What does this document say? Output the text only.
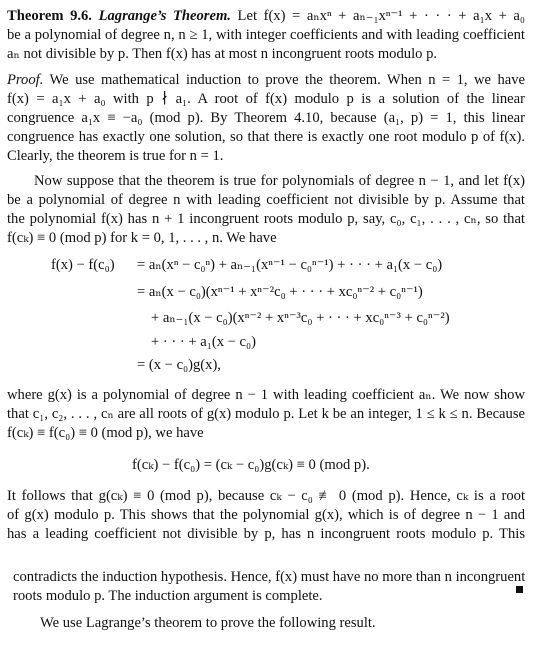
Theorem 9.6. Lagrange’s Theorem. Let f(x) = aₙxⁿ + aₙ₋₁xⁿ⁻¹ + · · · + a₁x + a₀
be a polynomial of degree n, n ≥ 1, with integer coefficients and with leading coefficient
aₙ not divisible by p. Then f(x) has at most n incongruent roots modulo p.
Proof. We use mathematical induction to prove the theorem. When n = 1, we have
f(x) = a₁x + a₀ with p ∤ a₁. A root of f(x) modulo p is a solution of the linear
congruence a₁x ≡ −a₀ (mod p). By Theorem 4.10, because (a₁, p) = 1, this linear
congruence has exactly one solution, so that there is exactly one root modulo p of f(x).
Clearly, the theorem is true for n = 1.
Now suppose that the theorem is true for polynomials of degree n − 1, and let f(x)
be a polynomial of degree n with leading coefficient not divisible by p. Assume that
the polynomial f(x) has n + 1 incongruent roots modulo p, say, c₀, c₁, . . . , cₙ, so that
f(cₖ) ≡ 0 (mod p) for k = 0, 1, . . . , n. We have
f(x) − f(c₀) = aₙ(xⁿ − c₀ⁿ) + aₙ₋₁(xⁿ⁻¹ − c₀ⁿ⁻¹) + · · · + a₁(x − c₀)
= aₙ(x − c₀)(xⁿ⁻¹ + xⁿ⁻²c₀ + · · · + xc₀ⁿ⁻² + c₀ⁿ⁻¹)
+ aₙ₋₁(x − c₀)(xⁿ⁻² + xⁿ⁻³c₀ + · · · + xc₀ⁿ⁻³ + c₀ⁿ⁻²)
+ · · · + a₁(x − c₀)
= (x − c₀)g(x),
where g(x) is a polynomial of degree n − 1 with leading coefficient aₙ. We now show
that c₁, c₂, . . . , cₙ are all roots of g(x) modulo p. Let k be an integer, 1 ≤ k ≤ n. Because
f(cₖ) ≡ f(c₀) ≡ 0 (mod p), we have
f(cₖ) − f(c₀) = (cₖ − c₀)g(cₖ) ≡ 0 (mod p).
It follows that g(cₖ) ≡ 0 (mod p), because cₖ − c₀ ≢ 0 (mod p). Hence, cₖ is a root
of g(x) modulo p. This shows that the polynomial g(x), which is of degree n − 1 and
has a leading coefficient not divisible by p, has n incongruent roots modulo p. This
contradicts the induction hypothesis. Hence, f(x) must have no more than n incongruent
roots modulo p. The induction argument is complete.
We use Lagrange’s theorem to prove the following result.
